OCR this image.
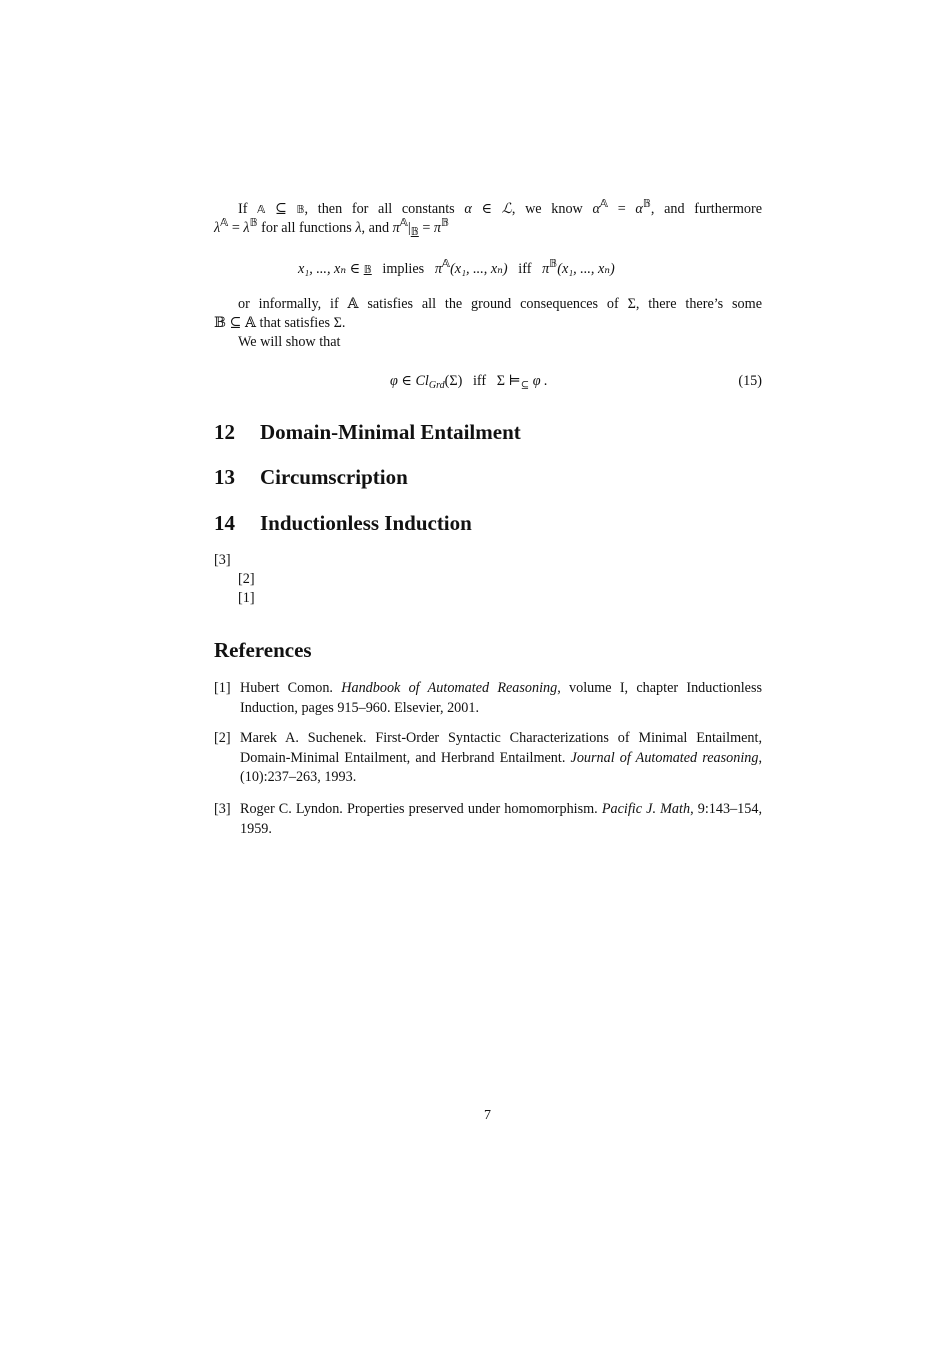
If 𝔸 ⊆ 𝔹, then for all constants α ∈ ℒ, we know $\alpha^𝔸 = \alpha^𝔹$, and furthermore
$\lambda^𝔸 = \lambda^𝔹$ for all functions λ, and $\pi^𝔸|_𝔹 = \pi^𝔹$
x₁, ..., xₙ ∈ 𝔹 implies $\pi^𝔸(x_1$, ..., xₙ) iff $\pi^𝔹(x_1$, ..., xₙ)
or informally, if 𝔸 satisfies all the ground consequences of Σ, there there’s some
𝔹 ⊆ 𝔸 that satisfies Σ.
We will show that
φ ∈ $Cl_{Grd}(\Sigma)$ iff Σ $⊨_⊆$ φ .	(15)
12 Domain-Minimal Entailment
13 Circumscription
14 Inductionless Induction
[3]
[2]
[1]
References
[1] Hubert Comon. Handbook of Automated Reasoning, volume I, chapter Inductionless Induction, pages 915–960. Elsevier, 2001.
[2] Marek A. Suchenek. First-Order Syntactic Characterizations of Minimal Entailment, Domain-Minimal Entailment, and Herbrand Entailment. Journal of Automated reasoning, (10):237–263, 1993.
[3] Roger C. Lyndon. Properties preserved under homomorphism. Pacific J. Math, 9:143–154, 1959.
7
